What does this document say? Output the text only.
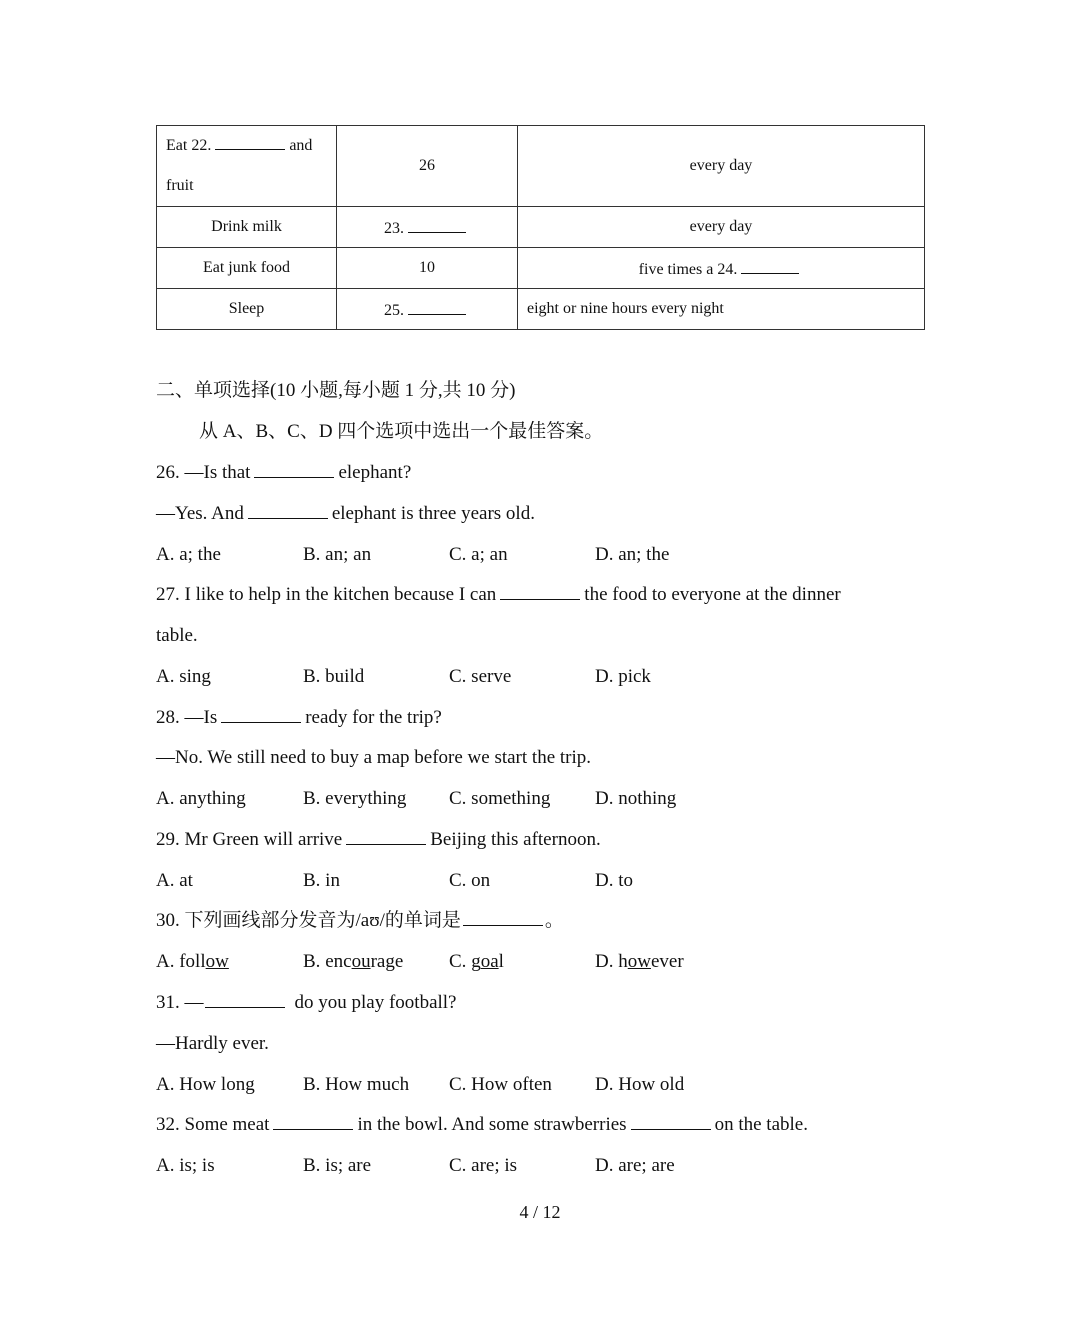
Eat 22. and
fruit	26	every day
Drink milk	23.	every day
Eat junk food	10	five times a 24.
Sleep	25.	eight or nine hours every night
二、单项选择(10 小题,每小题 1 分,共 10 分)
从 A、B、C、D 四个选项中选出一个最佳答案。
26. —Is that	elephant?
—Yes. And	elephant is three years old.
A. a; the	B. an; an	C. a; an	D. an; the
27. I like to help in the kitchen because I can	the food to everyone at the dinner
table.
A. sing	B. build	C. serve	D. pick
28. —Is	ready for the trip?
—No. We still need to buy a map before we start the trip.
A. anything	B. everything C. something D. nothing
29. Mr Green will arrive	Beijing this afternoon.
A. at	B. in	C. on	D. to
30. 下列画线部分发音为/aʊ/的单词是	。
A. follow	B. encourage C. goal	D. however
31. —	do you play football?
—Hardly ever.
A. How long	B. How much C. How often D. How old
32. Some meat	in the bowl. And some strawberries	on the table.
A. is; is	B. is; are	C. are; is	D. are; are
4 / 12
